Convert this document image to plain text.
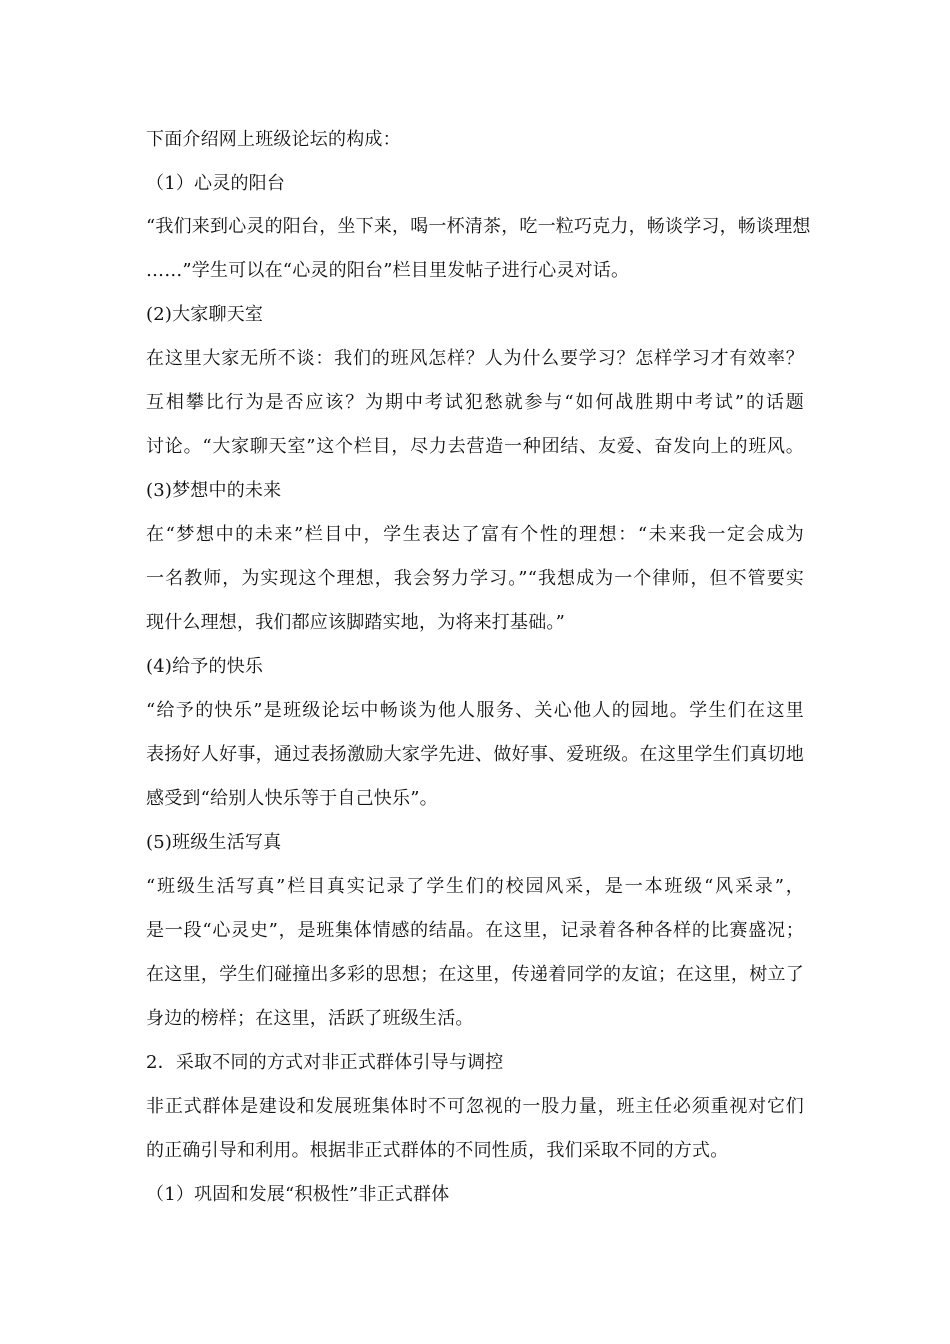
下面介绍网上班级论坛的构成：

（1）心灵的阳台

“我们来到心灵的阳台，坐下来，喝一杯清茶，吃一粒巧克力，畅谈学习，畅谈理想

……”学生可以在“心灵的阳台”栏目里发帖子进行心灵对话。

(2)大家聊天室

在这里大家无所不谈：我们的班风怎样？人为什么要学习？怎样学习才有效率？

互相攀比行为是否应该？为期中考试犯愁就参与“如何战胜期中考试”的话题

讨论。“大家聊天室”这个栏目，尽力去营造一种团结、友爱、奋发向上的班风。

(3)梦想中的未来

在“梦想中的未来”栏目中，学生表达了富有个性的理想：“未来我一定会成为

一名教师，为实现这个理想，我会努力学习。”“我想成为一个律师，但不管要实

现什么理想，我们都应该脚踏实地，为将来打基础。”

(4)给予的快乐

“给予的快乐”是班级论坛中畅谈为他人服务、关心他人的园地。学生们在这里

表扬好人好事，通过表扬激励大家学先进、做好事、爱班级。在这里学生们真切地

感受到“给别人快乐等于自己快乐”。

(5)班级生活写真

“班级生活写真”栏目真实记录了学生们的校园风采，是一本班级“风采录”，

是一段“心灵史”，是班集体情感的结晶。在这里，记录着各种各样的比赛盛况；

在这里，学生们碰撞出多彩的思想；在这里，传递着同学的友谊；在这里，树立了

身边的榜样；在这里，活跃了班级生活。

2．采取不同的方式对非正式群体引导与调控

非正式群体是建设和发展班集体时不可忽视的一股力量，班主任必须重视对它们

的正确引导和利用。根据非正式群体的不同性质，我们采取不同的方式。

（1）巩固和发展“积极性”非正式群体
